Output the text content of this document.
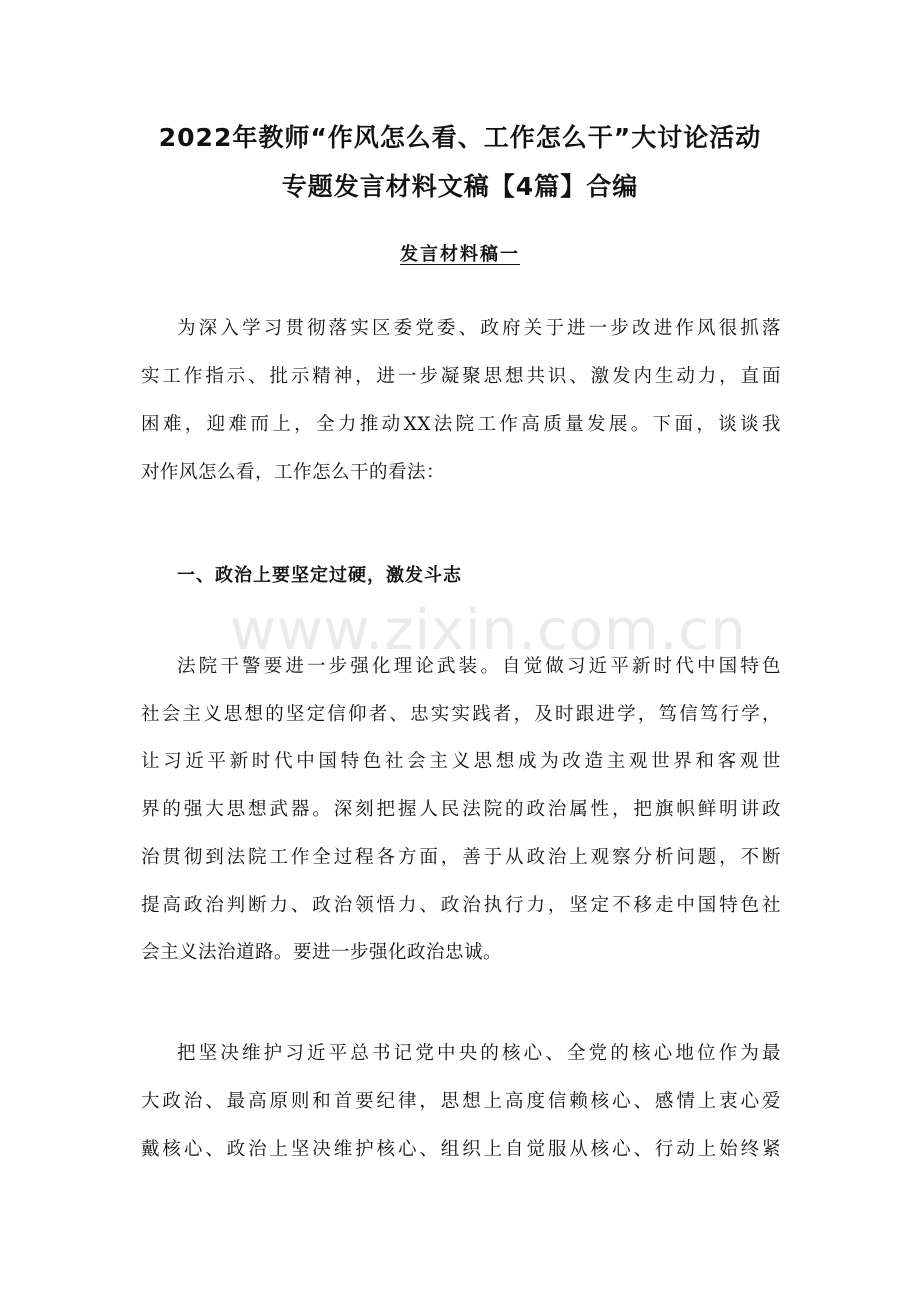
2022年教师“作风怎么看、工作怎么干”大讨论活动
专题发言材料文稿【4篇】合编
发言材料稿一
为深入学习贯彻落实区委党委、政府关于进一步改进作风很抓落
实工作指示、批示精神，进一步凝聚思想共识、激发内生动力，直面
困难，迎难而上，全力推动XX法院工作高质量发展。下面，谈谈我
对作风怎么看，工作怎么干的看法：
一、政治上要坚定过硬，激发斗志
www.zixin.com.cn
法院干警要进一步强化理论武装。自觉做习近平新时代中国特色
社会主义思想的坚定信仰者、忠实实践者，及时跟进学，笃信笃行学，
让习近平新时代中国特色社会主义思想成为改造主观世界和客观世
界的强大思想武器。深刻把握人民法院的政治属性，把旗帜鲜明讲政
治贯彻到法院工作全过程各方面，善于从政治上观察分析问题，不断
提高政治判断力、政治领悟力、政治执行力，坚定不移走中国特色社
会主义法治道路。要进一步强化政治忠诚。
把坚决维护习近平总书记党中央的核心、全党的核心地位作为最
大政治、最高原则和首要纪律，思想上高度信赖核心、感情上衷心爱
戴核心、政治上坚决维护核心、组织上自觉服从核心、行动上始终紧
